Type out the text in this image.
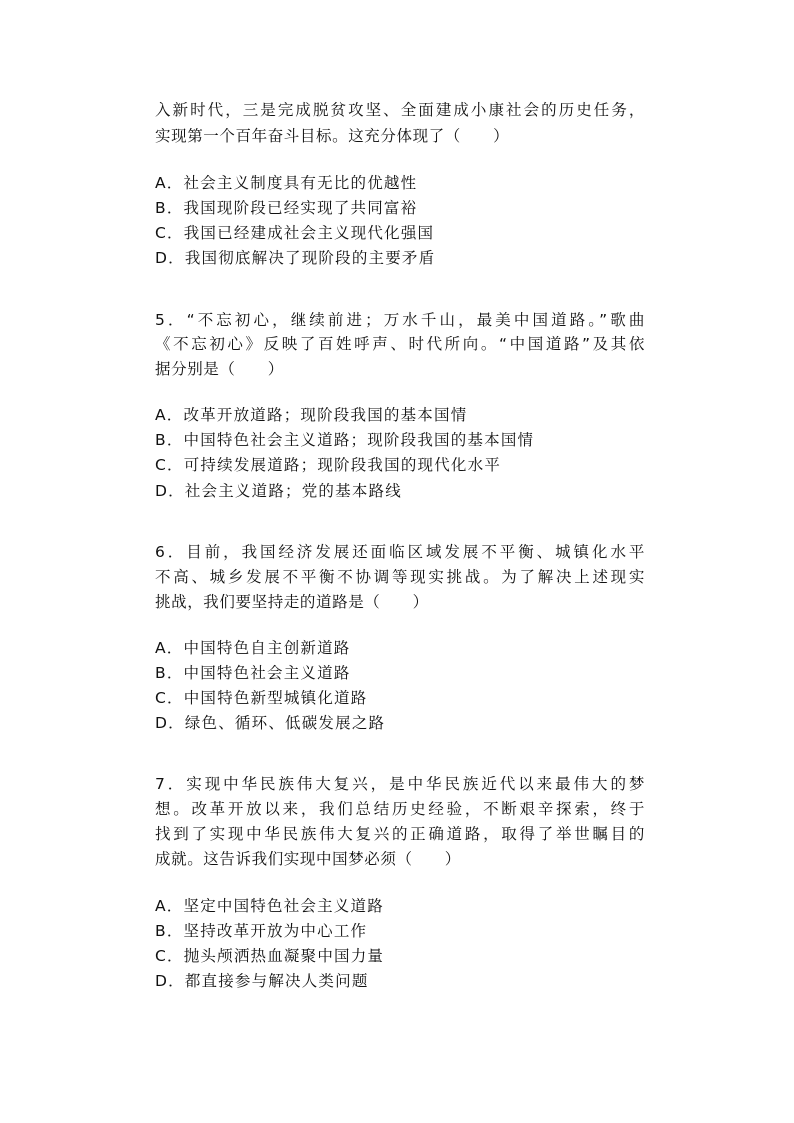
入新时代，三是完成脱贫攻坚、全面建成小康社会的历史任务，
实现第一个百年奋斗目标。这充分体现了（　　）
A．社会主义制度具有无比的优越性
B．我国现阶段已经实现了共同富裕
C．我国已经建成社会主义现代化强国
D．我国彻底解决了现阶段的主要矛盾
5．“不忘初心，继续前进；万水千山，最美中国道路。”歌曲
《不忘初心》反映了百姓呼声、时代所向。“中国道路”及其依
据分别是（　　）
A．改革开放道路；现阶段我国的基本国情
B．中国特色社会主义道路；现阶段我国的基本国情
C．可持续发展道路；现阶段我国的现代化水平
D．社会主义道路；党的基本路线
6．目前，我国经济发展还面临区域发展不平衡、城镇化水平
不高、城乡发展不平衡不协调等现实挑战。为了解决上述现实
挑战，我们要坚持走的道路是（　　）
A．中国特色自主创新道路
B．中国特色社会主义道路
C．中国特色新型城镇化道路
D．绿色、循环、低碳发展之路
7．实现中华民族伟大复兴，是中华民族近代以来最伟大的梦
想。改革开放以来，我们总结历史经验，不断艰辛探索，终于
找到了实现中华民族伟大复兴的正确道路，取得了举世瞩目的
成就。这告诉我们实现中国梦必须（　　）
A．坚定中国特色社会主义道路
B．坚持改革开放为中心工作
C．抛头颅洒热血凝聚中国力量
D．都直接参与解决人类问题
